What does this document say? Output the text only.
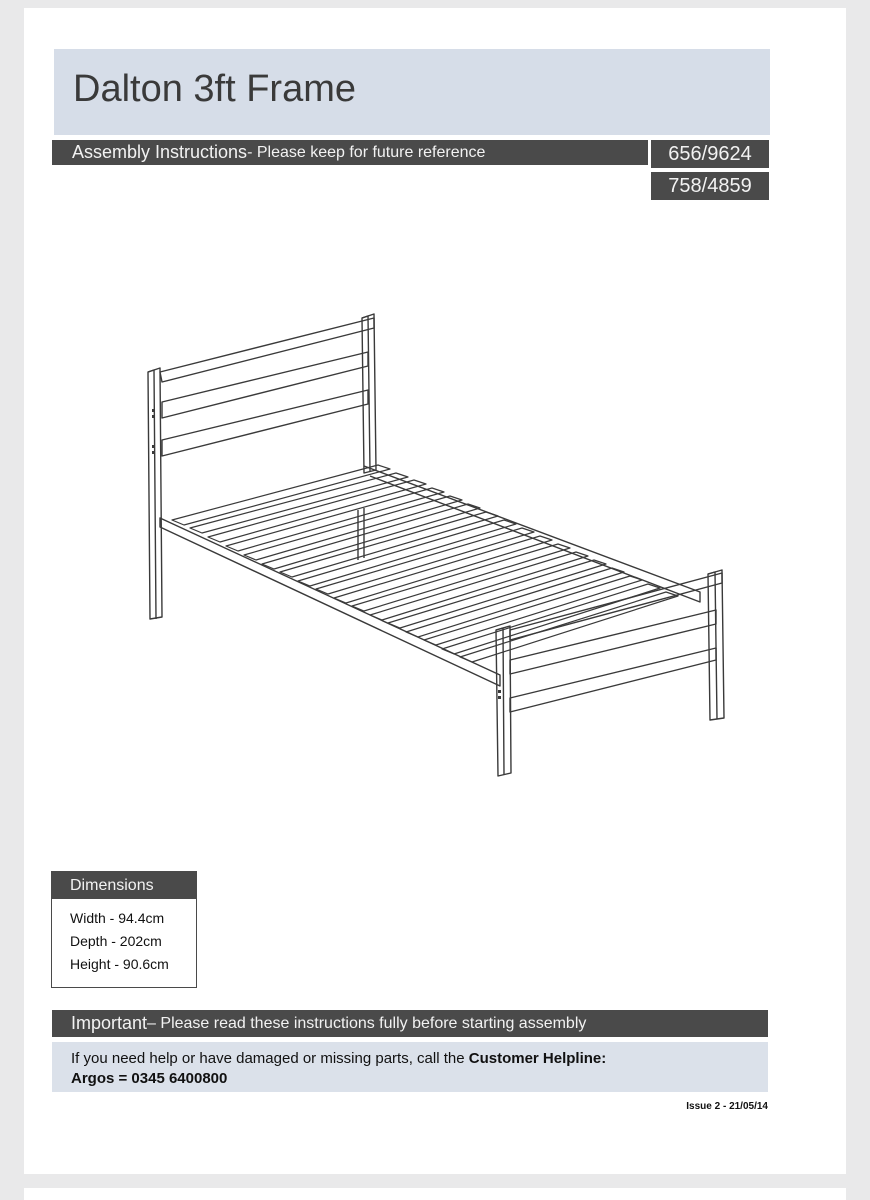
Dalton 3ft Frame
Assembly Instructions - Please keep for future reference	656/9624
758/4859
Dimensions
Width - 94.4cm
Depth - 202cm
Height - 90.6cm
Important – Please read these instructions fully before starting assembly
If you need help or have damaged or missing parts, call the Customer Helpline:
Argos = 0345 6400800
Issue 2 - 21/05/14
